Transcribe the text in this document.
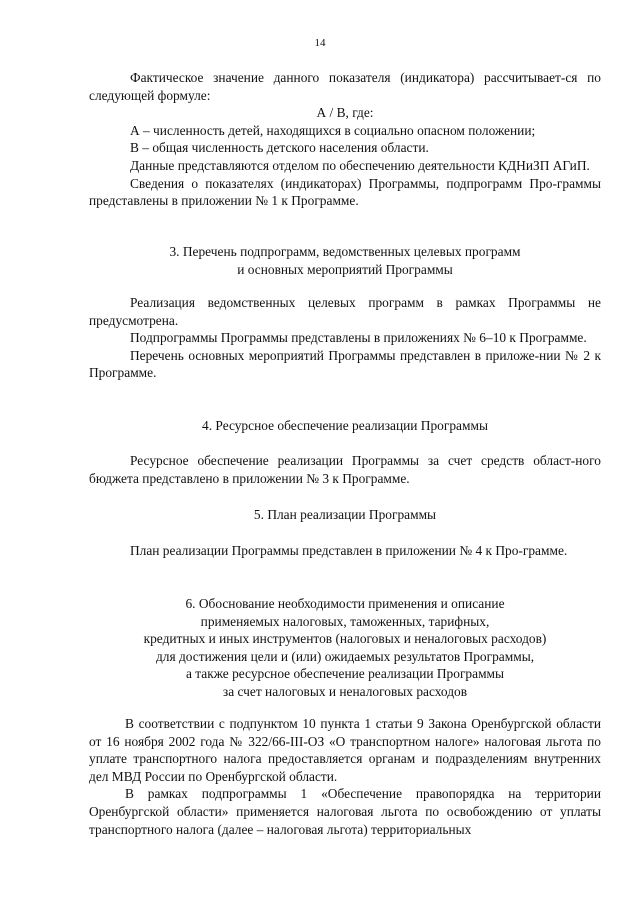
14

Фактическое значение данного показателя (индикатора) рассчитывает-ся по следующей формуле:

А / В, где:

А – численность детей, находящихся в социально опасном положении;

В – общая численность детского населения области.

Данные представляются отделом по обеспечению деятельности КДНиЗП АГиП.

Сведения о показателях (индикаторах) Программы, подпрограмм Про-граммы представлены в приложении № 1 к Программе.

3. Перечень подпрограмм, ведомственных целевых программ

и основных мероприятий Программы

Реализация ведомственных целевых программ в рамках Программы не предусмотрена.

Подпрограммы Программы представлены в приложениях № 6–10 к Программе.

Перечень основных мероприятий Программы представлен в приложе-нии № 2 к Программе.

4. Ресурсное обеспечение реализации Программы

Ресурсное обеспечение реализации Программы за счет средств област-ного бюджета представлено в приложении № 3 к Программе.

5. План реализации Программы

План реализации Программы представлен в приложении № 4 к Про-грамме.

6. Обоснование необходимости применения и описание

применяемых налоговых, таможенных, тарифных,

кредитных и иных инструментов (налоговых и неналоговых расходов)

для достижения цели и (или) ожидаемых результатов Программы,

а также ресурсное обеспечение реализации Программы

за счет налоговых и неналоговых расходов

В соответствии с подпунктом 10 пункта 1 статьи 9 Закона Оренбургской области от 16 ноября 2002 года № 322/66-III-ОЗ «О транспортном налоге» налоговая льгота по уплате транспортного налога предоставляется органам и подразделениям внутренних дел МВД России по Оренбургской области.

В рамках подпрограммы 1 «Обеспечение правопорядка на территории Оренбургской области» применяется налоговая льгота по освобождению от уплаты транспортного налога (далее – налоговая льгота) территориальных
